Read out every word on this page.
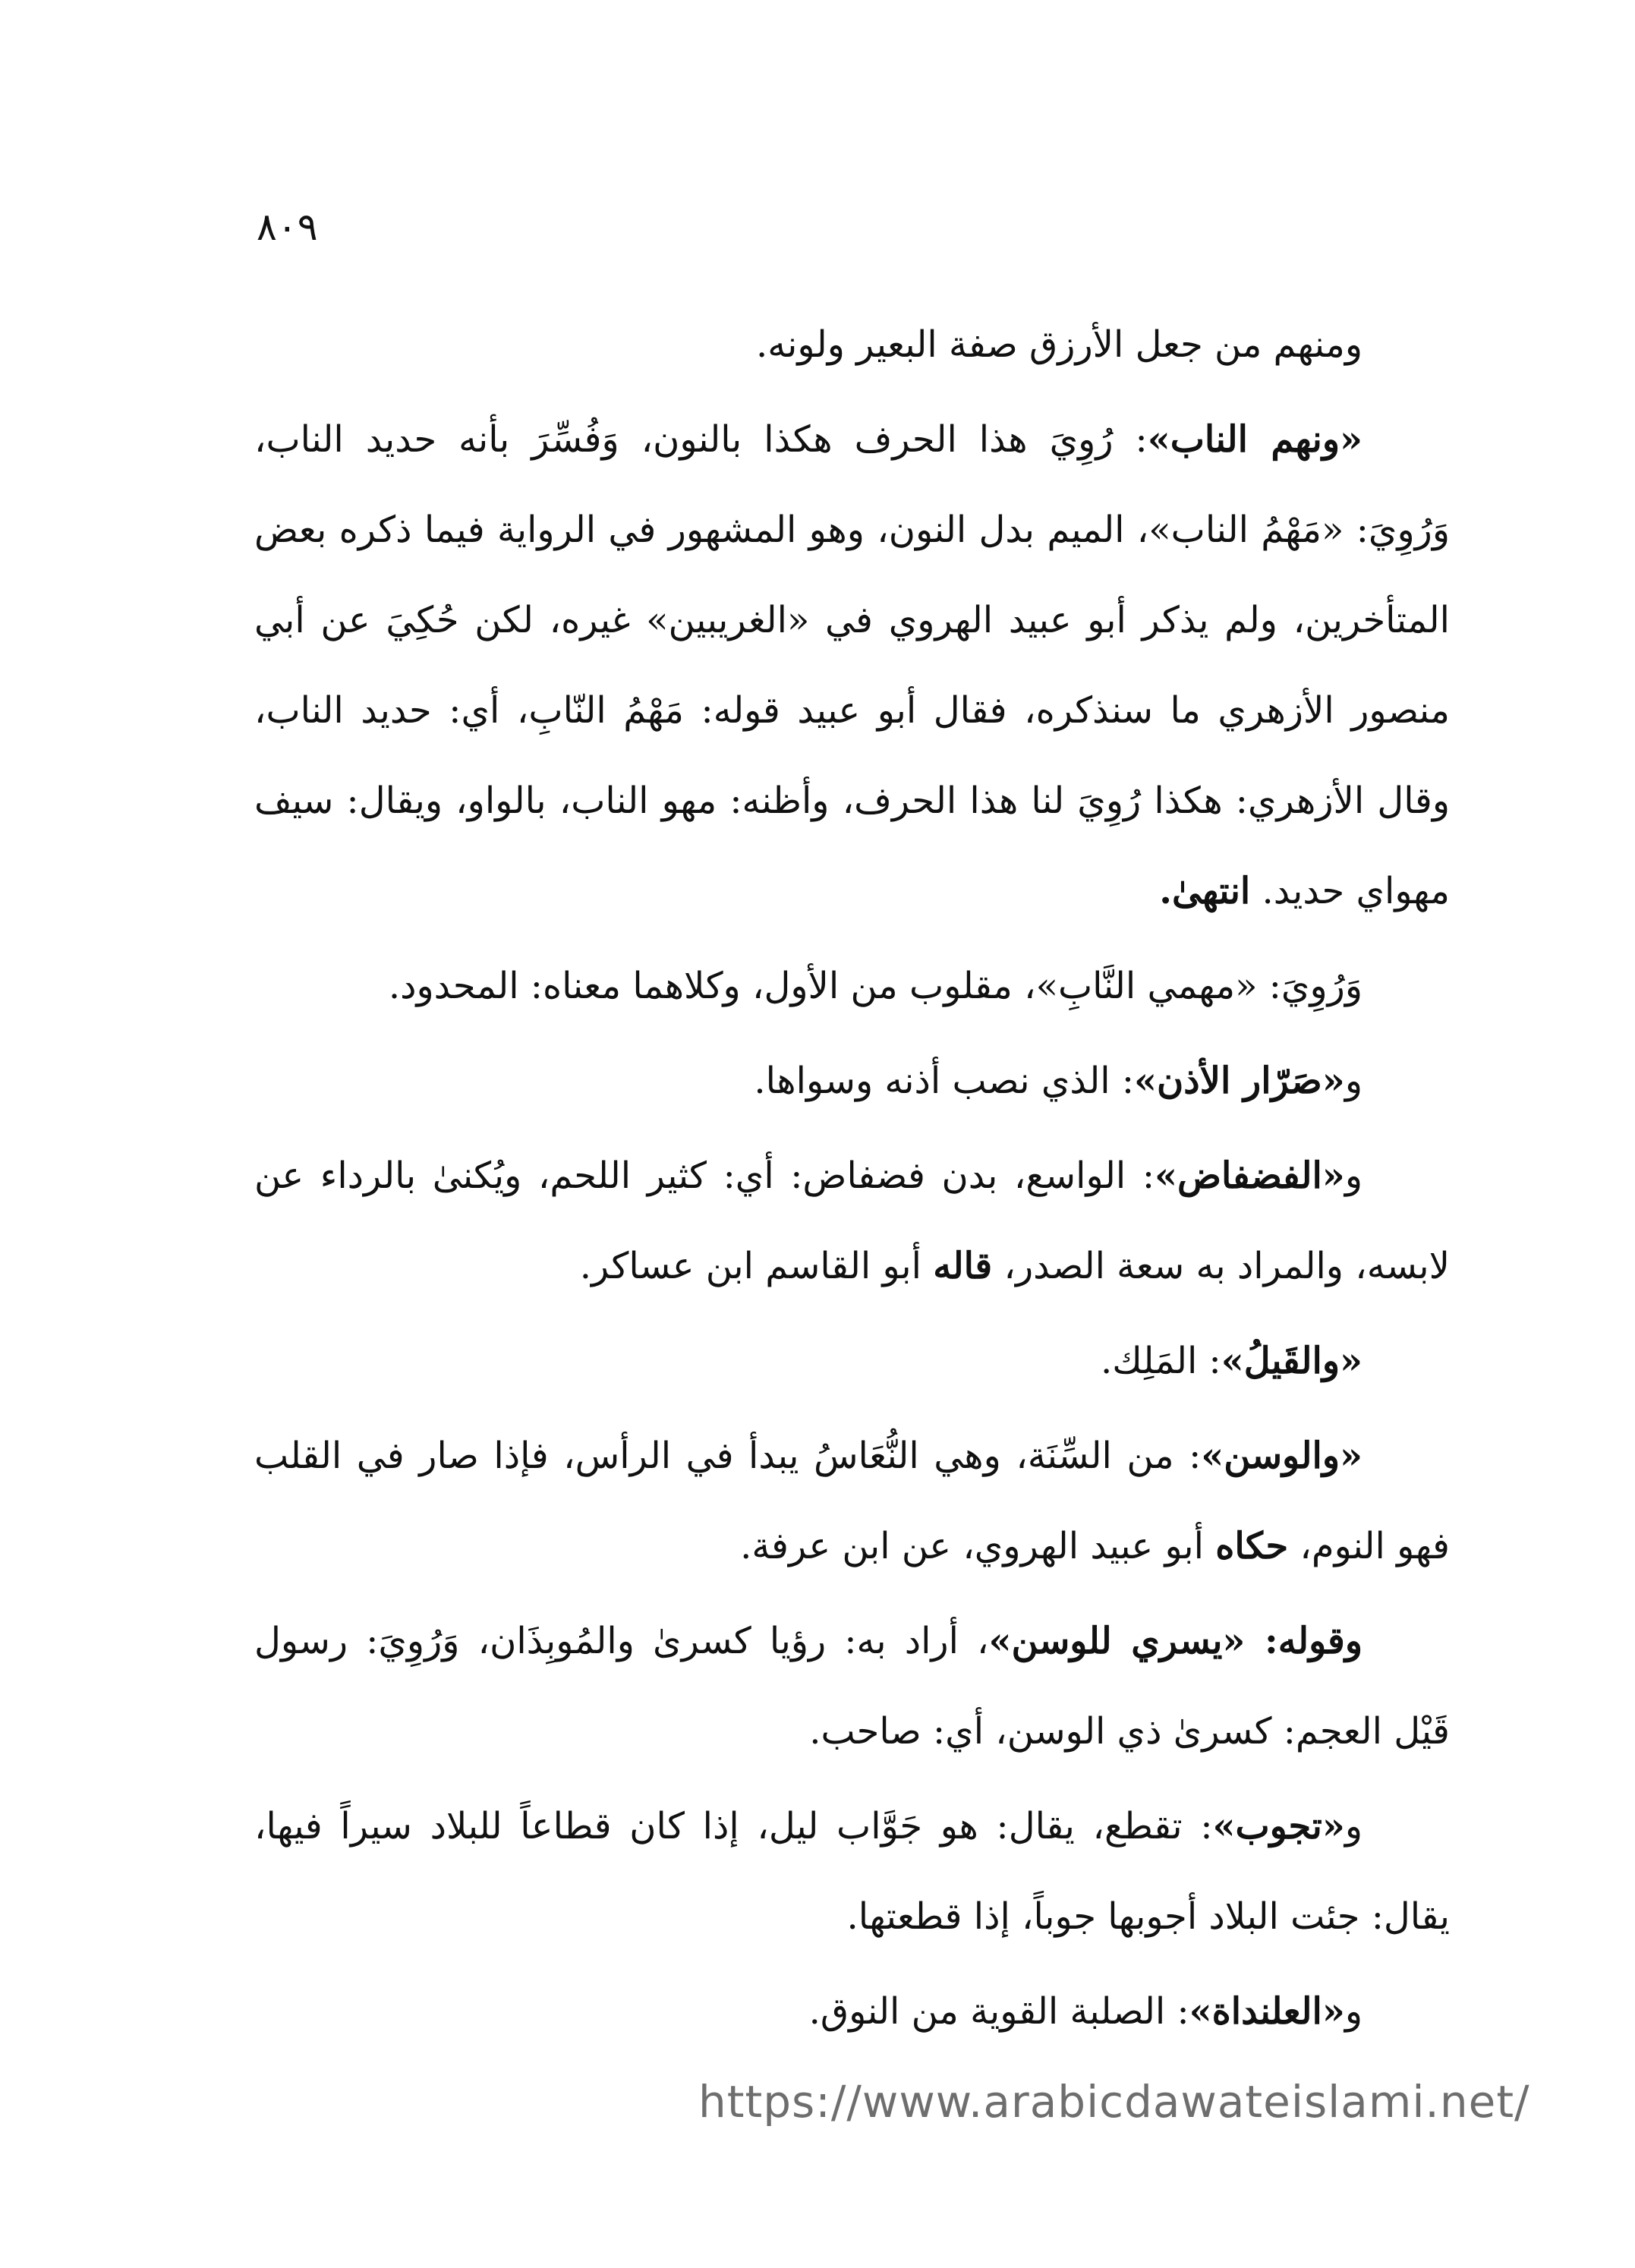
٨٠٩

ومنهم من جعل الأرزق صفة البعير ولونه.

«ونهم الناب»: رُوِيَ هذا الحرف هكذا بالنون، وَفُسِّرَ بأنه حديد الناب، وَرُوِيَ: «مَهْمُ الناب»، الميم بدل النون، وهو المشهور في الرواية فيما ذكره بعض المتأخرين، ولم يذكر أبو عبيد الهروي في «الغريبين» غيره، لكن حُكِيَ عن أبي منصور الأزهري ما سنذكره، فقال أبو عبيد قوله: مَهْمُ النّابِ، أي: حديد الناب، وقال الأزهري: هكذا رُوِيَ لنا هذا الحرف، وأظنه: مهو الناب، بالواو، ويقال: سيف مهواي حديد. انتهىٰ.

وَرُوِيَ: «مهمي النَّابِ»، مقلوب من الأول، وكلاهما معناه: المحدود.

و«صَرّار الأذن»: الذي نصب أذنه وسواها.

و«الفضفاض»: الواسع، بدن فضفاض: أي: كثير اللحم، ويُكنىٰ بالرداء عن لابسه، والمراد به سعة الصدر، قاله أبو القاسم ابن عساكر.

«والقَيلُ»: المَلِك.

«والوسن»: من السِّنَة، وهي النُّعَاسُ يبدأ في الرأس، فإذا صار في القلب فهو النوم، حكاه أبو عبيد الهروي، عن ابن عرفة.

وقوله: «يسري للوسن»، أراد به: رؤيا كسرىٰ والمُوبِذَان، وَرُوِيَ: رسول قَيْل العجم: كسرىٰ ذي الوسن، أي: صاحب.

و«تجوب»: تقطع، يقال: هو جَوَّاب ليل، إذا كان قطاعاً للبلاد سيراً فيها، يقال: جئت البلاد أجوبها جوباً، إذا قطعتها.

و«العلنداة»: الصلبة القوية من النوق.

https://www.arabicdawateislami.net/
